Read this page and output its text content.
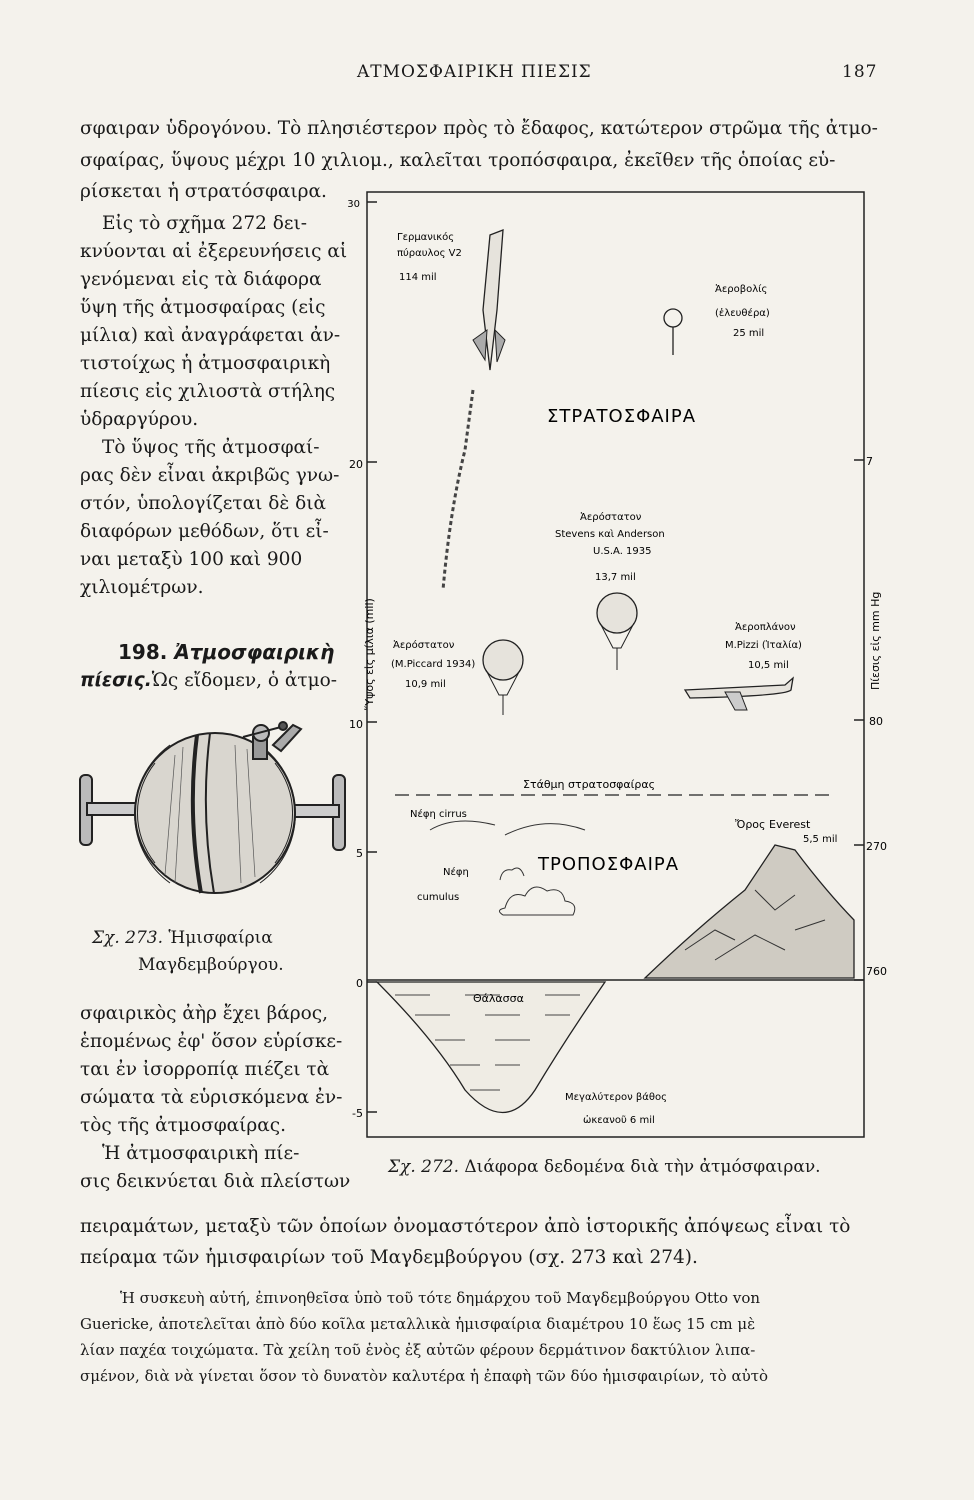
ΑΤΜΟΣΦΑΙΡΙΚΗ ΠΙΕΣΙΣ	187
σφαιραν ὑδρογόνου. Τὸ πλησιέστερον πρὸς τὸ ἔδαφος, κατώτερον στρῶμα τῆς ἀτμο-
σφαίρας, ὕψους μέχρι 10 χιλιομ., καλεῖται τροπόσφαιρα, ἐκεῖθεν τῆς ὁποίας εὑ-
ρίσκεται ἡ στρατόσφαιρα.
Εἰς τὸ σχῆμα 272 δει-
κνύονται αἱ ἐξερευνήσεις αἱ
γενόμεναι εἰς τὰ διάφορα
ὕψη τῆς ἀτμοσφαίρας (εἰς
μίλια) καὶ ἀναγράφεται ἀν-
τιστοίχως ἡ ἀτμοσφαιρικὴ
πίεσις εἰς χιλιοστὰ στήλης
ὑδραργύρου.
Τὸ ὕψος τῆς ἀτμοσφαί-
ρας δὲν εἶναι ἀκριβῶς γνω-
στόν, ὑπολογίζεται δὲ διὰ
διαφόρων μεθόδων, ὅτι εἶ-
ναι μεταξὺ 100 καὶ 900
χιλιομέτρων.
198. Ἀτμοσφαιρικὴ
πίεσις.Ὡς εἴδομεν, ὁ ἀτμο-
Σχ. 273. Ἡμισφαίρια
Μαγδεμβούργου.
σφαιρικὸς ἀὴρ ἔχει βάρος,
ἑπομένως ἐφ' ὅσον εὑρίσκε-
ται ἐν ἰσορροπίᾳ πιέζει τὰ
σώματα τὰ εὑρισκόμενα ἐν-
τὸς τῆς ἀτμοσφαίρας.
Ἡ ἀτμοσφαιρικὴ πίε-
σις δεικνύεται διὰ πλείστων
30
20
10
5
0
-5
7
80
270
760
Ὕψος εἰς μίλια (mil)	Πίεσις εἰς mm Hg
ΣΤΡΑΤΟΣΦΑΙΡΑ
ΤΡΟΠΟΣΦΑΙΡΑ
Γερμανικός
πύραυλος V2
114 mil
Ἀεροβολίς
(ἐλευθέρα)
25 mil
Ἀερόστατον
Stevens καὶ Anderson
U.S.A. 1935
13,7 mil
Ἀερόστατον
(M.Piccard 1934)
10,9 mil
Ἀεροπλάνον
M.Pizzi (Ἰταλία)
10,5 mil
Στάθμη στρατοσφαίρας
Νέφη cirrus
Νέφη
cumulus
Ὄρος Everest
5,5 mil
Θάλασσα
Μεγαλύτερον βάθος
ὠκεανοῦ 6 mil
Σχ. 272. Διάφορα δεδομένα διὰ τὴν ἀτμόσφαιραν.
πειραμάτων, μεταξὺ τῶν ὁποίων ὀνομαστότερον ἀπὸ ἱστορικῆς ἀπόψεως εἶναι τὸ
πείραμα τῶν ἡμισφαιρίων τοῦ Μαγδεμβούργου (σχ. 273 καὶ 274).
Ἡ συσκευὴ αὐτή, ἐπινοηθεῖσα ὑπὸ τοῦ τότε δημάρχου τοῦ Μαγδεμβούργου Otto von
Guericke, ἀποτελεῖται ἀπὸ δύο κοῖλα μεταλλικὰ ἡμισφαίρια διαμέτρου 10 ἕως 15 cm μὲ
λίαν παχέα τοιχώματα. Τὰ χείλη τοῦ ἑνὸς ἐξ αὐτῶν φέρουν δερμάτινον δακτύλιον λιπα-
σμένον, διὰ νὰ γίνεται ὅσον τὸ δυνατὸν καλυτέρα ἡ ἐπαφὴ τῶν δύο ἡμισφαιρίων, τὸ αὐτὸ
